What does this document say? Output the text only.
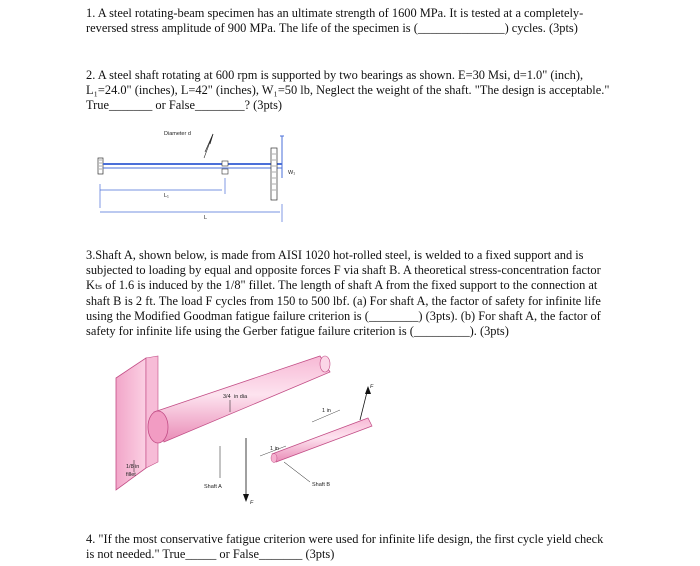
1. A steel rotating-beam specimen has an ultimate strength of 1600 MPa. It is tested at a completely-
reversed stress amplitude of 900 MPa. The life of the specimen is (______________) cycles. (3pts)
2. A steel shaft rotating at 600 rpm is supported by two bearings as shown. E=30 Msi, d=1.0" (inch),
L₁=24.0" (inches), L=42" (inches), W₁=50 lb, Neglect the weight of the shaft. "The design is acceptable."
True_______ or False________? (3pts)
Diameter d
W₁
L₁
L
3.Shaft A, shown below, is made from AISI 1020 hot-rolled steel, is welded to a fixed support and is
subjected to loading by equal and opposite forces F via shaft B. A theoretical stress-concentration factor
Kₜₛ of 1.6 is induced by the 1/8" fillet. The length of shaft A from the fixed support to the connection at
shaft B is 2 ft. The load F cycles from 150 to 500 lbf. (a) For shaft A, the factor of safety for infinite life
using the Modified Goodman fatigue failure criterion is (________) (3pts). (b) For shaft A, the factor of
safety for infinite life using the Gerber fatigue failure criterion is (_________). (3pts)
3/4 in dia
1/8 in
fillet
Shaft A	Shaft B
F
F
1 in
1 in
4. "If the most conservative fatigue criterion were used for infinite life design, the first cycle yield check
is not needed." True_____ or False_______ (3pts)
